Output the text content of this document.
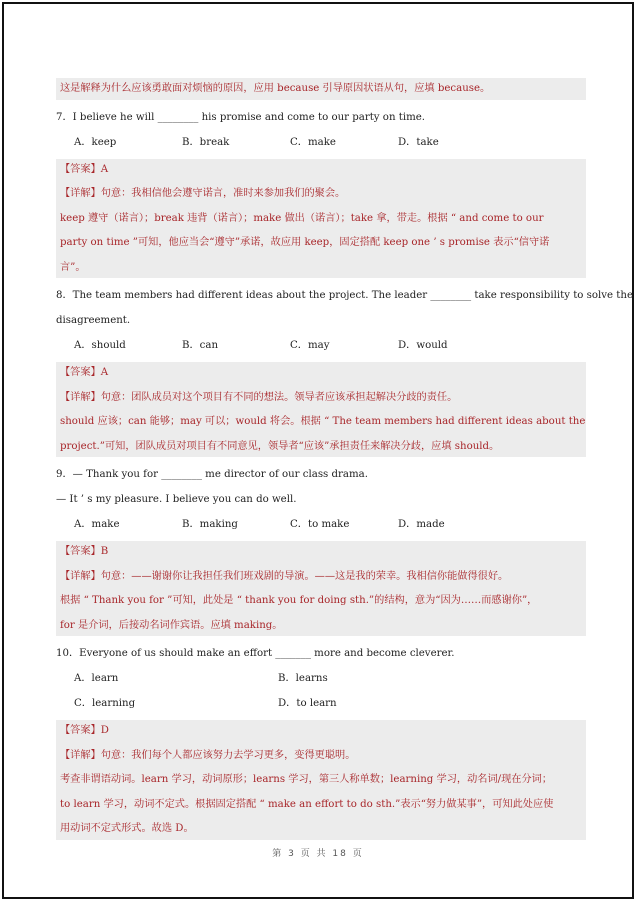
这是解释为什么应该勇敢面对烦恼的原因，应用 because 引导原因状语从句，应填 because。

7．I believe he will ________ his promise and come to our party on time.

A．keep	B．break	C．make	D．take

【答案】A

【详解】句意：我相信他会遵守诺言，准时来参加我们的聚会。

keep 遵守（诺言）；break 违背（诺言）；make 做出（诺言）；take 拿，带走。根据 “ and come to our

party on time ”可知，他应当会“遵守”承诺，故应用 keep，固定搭配 keep one ’ s promise 表示“信守诺

言”。

8．The team members had different ideas about the project. The leader ________ take responsibility to solve the

disagreement.

A．should	B．can	C．may	D．would

【答案】A

【详解】句意：团队成员对这个项目有不同的想法。领导者应该承担起解决分歧的责任。

should 应该；can 能够；may 可以；would 将会。根据 “ The team members had different ideas about the

project.”可知，团队成员对项目有不同意见，领导者“应该”承担责任来解决分歧，应填 should。

9．— Thank you for ________ me director of our class drama.

— It ’ s my pleasure. I believe you can do well.

A．make	B．making	C．to make	D．made

【答案】B

【详解】句意：——谢谢你让我担任我们班戏剧的导演。——这是我的荣幸。我相信你能做得很好。

根据 “ Thank you for ”可知，此处是 “ thank you for doing sth.”的结构，意为“因为……而感谢你”，

for 是介词，后接动名词作宾语。应填 making。

10．Everyone of us should make an effort _______ more and become cleverer.

A．learn	B．learns
C．learning	D．to learn

【答案】D

【详解】句意：我们每个人都应该努力去学习更多，变得更聪明。

考查非谓语动词。learn 学习，动词原形；learns 学习，第三人称单数；learning 学习，动名词/现在分词；

to learn 学习，动词不定式。根据固定搭配 “ make an effort to do sth.”表示“努力做某事”，可知此处应使

用动词不定式形式。故选 D。

第 3 页 共 18 页
